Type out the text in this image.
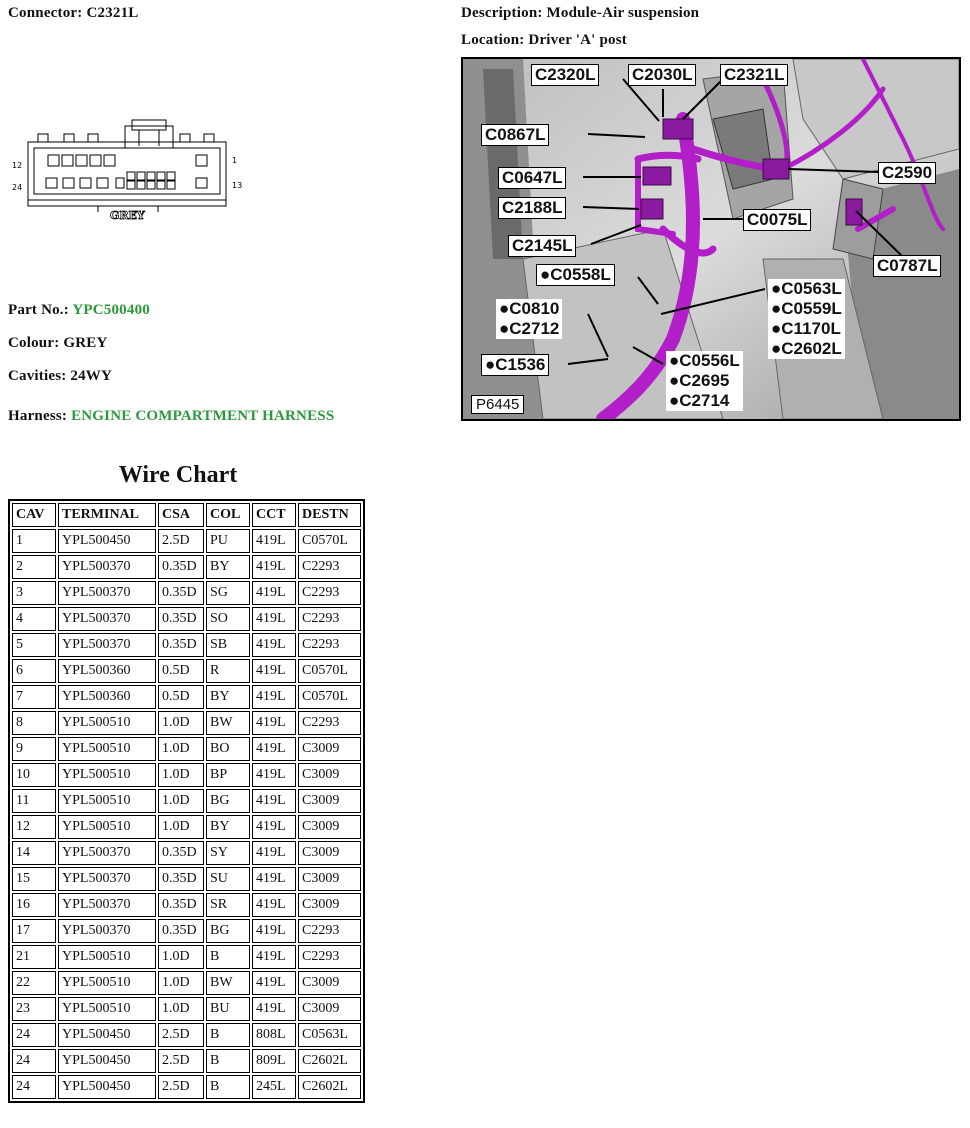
Connector: C2321L	Description: Module-Air suspension
Location: Driver 'A' post
12
24
1
13
GREY
Part No.: YPC500400
Colour: GREY
Cavities: 24WY
Harness: ENGINE COMPARTMENT HARNESS
C2320L C2030L C2321L
C0867L
C2590
C0647L
C2188L
C0075L
C2145L
C0787L
●C0558L
●C0563L
●C0559L
●C1170L
●C2602L
●C0810
●C2712
●C1536	●C0556L
●C2695
●C2714
P6445
Wire Chart
CAV	TERMINAL	CSA	COL	CCT	DESTN
1	YPL500450	2.5D	PU	419L	C0570L
2	YPL500370	0.35D	BY	419L	C2293
3	YPL500370	0.35D	SG	419L	C2293
4	YPL500370	0.35D	SO	419L	C2293
5	YPL500370	0.35D	SB	419L	C2293
6	YPL500360	0.5D	R	419L	C0570L
7	YPL500360	0.5D	BY	419L	C0570L
8	YPL500510	1.0D	BW	419L	C2293
9	YPL500510	1.0D	BO	419L	C3009
10	YPL500510	1.0D	BP	419L	C3009
11	YPL500510	1.0D	BG	419L	C3009
12	YPL500510	1.0D	BY	419L	C3009
14	YPL500370	0.35D	SY	419L	C3009
15	YPL500370	0.35D	SU	419L	C3009
16	YPL500370	0.35D	SR	419L	C3009
17	YPL500370	0.35D	BG	419L	C2293
21	YPL500510	1.0D	B	419L	C2293
22	YPL500510	1.0D	BW	419L	C3009
23	YPL500510	1.0D	BU	419L	C3009
24	YPL500450	2.5D	B	808L	C0563L
24	YPL500450	2.5D	B	809L	C2602L
24	YPL500450	2.5D	B	245L	C2602L
